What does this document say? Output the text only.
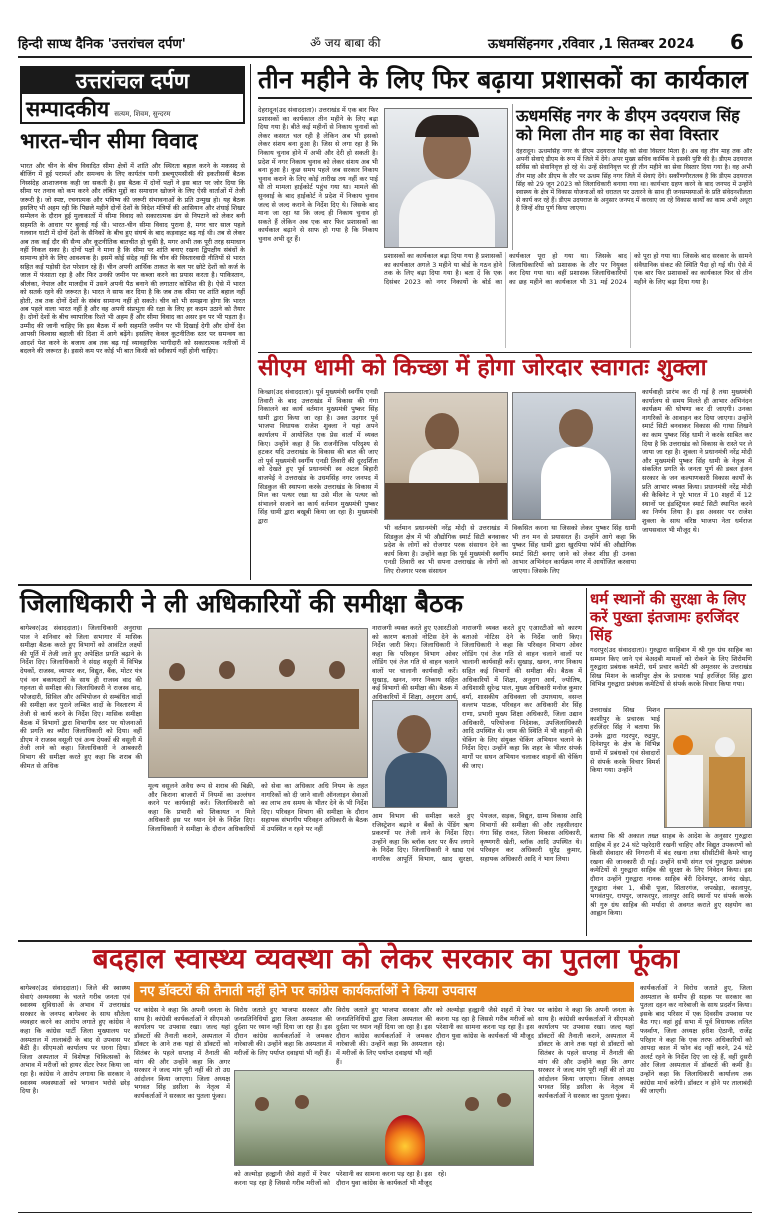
हिन्दी साप्ध दैनिक 'उत्तरांचल दर्पण'	ॐ जय बाबा की	ऊधमसिंहनगर ,रविवार ,1 सितम्बर 2024 6
उत्तरांचल दर्पण
सम्पादकीय सत्यम, शिवम, सुन्दरम
भारत-चीन सीमा विवाद
भारत और चीन के बीच विवादित सीमा क्षेत्रों में शांति और स्थिरता बहाल करने के मकसद से बीजिंग में हुई परामर्श और समन्वय के लिए कार्यतंत्र यानी डब्ल्यूएमसीसी की इकतीसवीं बैठक निस्संदेह आशाजनक कही जा सकती है। इस बैठक में दोनों पक्षों ने इस बात पर जोर दिया कि सीमा पर तनाव को कम करने और लंबित मुद्दों का समाधान खोजने के लिए ऐसी वार्ताओं में तेजी जरूरी है। जो स्पष्ट, रचनात्मक और भविष्य की जरूरी संभावनाओं के प्रति उन्मुख हो। यह बैठक इसलिए भी अहम रही कि पिछले महीने दोनों देशों के विदेश मंत्रियों की आसियान और शंघाई शिखर सम्मेलन के दौरान हुई मुलाकातों में सीमा विवाद को सकारात्मक ढंग से निपटाने को लेकर बनी सहमति के आधार पर बुलाई गई थी। भारत-चीन सीमा विवाद पुराना है, मगर चार साल पहले गलवान घाटी में दोनों देशों के सैनिकों के बीच हुए संघर्ष के बाद कड़वाहट बढ़ गई थी। तब से लेकर अब तक कई दौर की सैन्य और कूटनीतिक बातचीत हो चुकी है, मगर अभी तक पूरी तरह समाधान नहीं निकल सका है। दोनों पक्षों ने माना है कि सीमा पर शांति बनाए रखना द्विपक्षीय संबंधों के सामान्य होने के लिए आवश्यक है। इसमें कोई संदेह नहीं कि चीन की विस्तारवादी नीतियों से भारत सहित कई पड़ोसी देश परेशान रहे हैं। चीन अपनी आर्थिक ताकत के बल पर छोटे देशों को कर्ज के जाल में फंसाता रहा है और फिर उनकी जमीन पर कब्जा करने का प्रयास करता है। पाकिस्तान, श्रीलंका, नेपाल और मालदीव में उसने अपनी पैठ बनाने की लगातार कोशिश की है। ऐसे में भारत को सतर्क रहने की जरूरत है। भारत ने साफ कर दिया है कि जब तक सीमा पर शांति बहाल नहीं होती, तब तक दोनों देशों के संबंध सामान्य नहीं हो सकते। चीन को भी समझना होगा कि भारत अब पहले वाला भारत नहीं है और वह अपनी संप्रभुता की रक्षा के लिए हर कदम उठाने को तैयार है। दोनों देशों के बीच व्यापारिक रिश्ते भी अहम हैं और सीमा विवाद का असर इन पर भी पड़ता है। उम्मीद की जानी चाहिए कि इस बैठक में बनी सहमति जमीन पर भी दिखाई देगी और दोनों देश आपसी विश्वास बहाली की दिशा में आगे बढ़ेंगे। इसलिए केवल कूटनीतिक स्तर पर समन्वय का आदर्श पेश करने के बजाय अब तक बढ़ गई व्यावहारिक भागीदारी को सकारात्मक नतीजों में बदलने की जरूरत है। इससे कम पर कोई भी बात किसी को स्वीकार्य नहीं होनी चाहिए।
तीन महीने के लिए फिर बढ़ाया प्रशासकों का कार्यकाल
देहरादून(उद संवाददाता)। उत्तराखंड में एक बार फिर प्रशासकों का कार्यकाल तीन महीने के लिए बढ़ा दिया गया है। बीते कई महीनों से निकाय चुनावों को लेकर कसरत चल रही है लेकिन अब भी इसको लेकर संशय बना हुआ है। जिस से लगा रहा है कि निकाय चुनाव होने में अभी और देरी हो सकती है। प्रदेश में नगर निकाय चुनाव को लेकर संशय अब भी बना हुआ है। कुछ समय पहले जब सरकार निकाय चुनाव कराने के लिए कोई तारीख तय नहीं कर पाई थी तो मामला हाईकोर्ट पहुंच गया था। मामले की सुनवाई के बाद हाईकोर्ट ने प्रदेश में निकाय चुनाव जल्द से जल्द कराने के निर्देश दिए थे। जिसके बाद माना जा रहा था कि जल्द ही निकाय चुनाव हो सकते हैं लेकिन अब एक बार फिर प्रशासकों का कार्यकाल बढ़ाने से साफ हो गया है कि निकाय चुनाव अभी दूर हैं।
प्रशासकों का कार्यकाल बढ़ा दिया गया है प्रशासकों का कार्यकाल अगले 3 महीने या बोर्ड के गठन होने तक के लिए बढ़ा दिया गया है। बता दें कि एक दिसंबर 2023 को नगर निकायों के बोर्ड का कार्यकाल पूरा हो गया था। जिसके बाद जिलाधिकारियों को प्रशासक के तौर पर नियुक्त कर दिया गया था। वहीं प्रशासक जिलाधिकारियों का छह महीने का कार्यकाल भी 31 मई 2024 को पूरा हो गया था। जिसके बाद सरकार के सामने संवैधानिक संकट की स्थिति पैदा हो गई थी। ऐसे में एक बार फिर प्रशासकों का कार्यकाल फिर से तीन महीने के लिए बढ़ा दिया गया है।
ऊधमसिंह नगर के डीएम उदयराज सिंह को मिला तीन माह का सेवा विस्तार
देहरादून। ऊधमसिंह नगर के डीएम उदयराज सिंह को सेवा विस्तार मिला है। अब वह तीन माह तक और अपनी सेवाएं डीएम के रूप में जिले में देंगे। अपर मुख्य सचिव कार्मिक ने इसकी पुष्टि की है। डीएम उदयराज सर्विस को सेवानिवृत्त हो रहे थे। उन्हें सेवानिवृत्त पर ही तीन महीने का सेवा विस्तार दिया गया है। वह अभी तीन माह और डीएम के तौर पर ऊधम सिंह नगर जिले में सेवाएं देंगे। सकौंणगौरतलब है कि डीएम उदयराज सिंह को 29 जून 2023 को जिलाधिकारी बनाया गया था। कार्यभार ग्रहण करने के बाद जनपद में उन्होंने स्वास्थ्य के क्षेत्र में विकास योजनाओं को धरातल पर उतारने के साथ ही जनसमस्याओं के प्रति संवेदनशीलता से कार्य कर रहे हैं। डीएम उदयराज के अनुसार जनपद में करवाए जा रहे विकास कार्यों का काम अभी अधूरा है जिन्हें शीघ्र पूर्ण किया जाएगा।
सीएम धामी को किच्छा में होगा जोरदार स्वागतः शुक्ला
किच्छा(उद संवाददाता)। पूर्व मुख्यमंत्री स्वर्गीय एनडी तिवारी के बाद उत्तराखंड में विकास की गंगा निकालने का कार्य वर्तमान मुख्यमंत्री पुष्कर सिंह धामी द्वारा किया जा रहा है। उक्त उदगार पूर्व भाजपा विधायक राजेश शुक्ला ने यहां अपने कार्यालय में आयोजित एक प्रेस वार्ता में व्यक्त किए। उन्होंने कहा है कि राजनीतिक परिदृश्य से हटकर यदि उत्तराखंड के विकास की बात की जाए तो पूर्व मुख्यमंत्री स्वर्गीय एनडी तिवारी की दूरदर्शिता को देखते हुए पूर्व प्रधानमंत्री स्व अटल बिहारी वाजपेई ने उत्तराखंड के उधमसिंह नगर जनपद में सिडकुल की स्थापना करके उत्तराखंड के विकास में मिल का पत्थर रखा था उसे मील के पत्थर को संभालने सजाने का कार्य वर्तमान मुख्यमंत्री पुष्कर सिंह धामी द्वारा बखूबी किया जा रहा है। मुख्यमंत्री द्वारा
भी वर्तमान प्रधानमंत्री नरेंद्र मोदी से उत्तराखंड में सिडकुल क्षेत्र में भी औद्योगिक स्मार्ट सिटी बनवाकर प्रदेश के लोगों को रोजगार परक संसाधन देने का कार्य किया है। उन्होंने कहा कि पूर्व मुख्यमंत्री स्वर्गीय एनडी तिवारी का भी सपना उत्तराखंड के लोगों को लिए रोजगार परक संसाधन
विकसित करना था जिसको लेकर पुष्कर सिंह धामी भी तन मन से प्रयासरत हैं। उन्होंने आगे कहा कि पुष्कर सिंह धामी द्वारा खुरपिया फॉर्म की औद्योगिक स्मार्ट सिटी बनाए जाने को लेकर शीघ्र ही उनका आभार अभिनंदन कार्यक्रम नगर में आयोजित करवाया जाएगा। जिसके लिए
कार्यवाही प्रारंभ कर दी गई है तथा मुख्यमंत्री कार्यालय से समय मिलते ही आभार अभिनंदन कार्यक्रम की घोषणा कर दी जाएगी। उनका नागरिकों के आवाहन कर दिया जाएगा। उन्होंने स्मार्ट सिटी बनवाकर विकास की गाथा लिखने का काम पुष्कर सिंह धामी ने करके साबित कर दिया है कि उत्तराखंड को विकास के रास्ते पर ले जाया जा रहा है। शुक्ला ने प्रधानमंत्री नरेंद्र मोदी और मुख्यमंत्री पुष्कर सिंह धामी के नेतृत्व में संकलित प्रगति के जनता पूर्ण की डबल इंजन सरकार के जन कल्याणकारी विकास कार्यों के प्रति आभार व्यक्त किया। प्रधानमंत्री नरेंद्र मोदी की कैबिनेट ने पूरे भारत में 10 शहरों में 12 स्थानों पर इंडस्ट्रियल स्मार्ट सिटी स्थापित करने का निर्णय लिया है। इस अवसर पर राजेश शुक्ला के साथ वरिष्ठ भाजपा नेता धर्मराज जायसवाल भी मौजूद थे।
जिलाधिकारी ने ली अधिकारियों की समीक्षा बैठक
बागेश्वर(उद संवाददाता)। जिलाधिकारी अनुराधा पाल ने शनिवार को जिला सभागार में मासिक समीक्षा बैठक करते हुए विभागों को आवंटित लक्ष्यों की पूर्ति में तेजी लाते हुए अपेक्षित प्रगति बढ़ाने के निर्देश दिए। जिलाधिकारी ने संग्रह वसूली में विभिन्न देयकों, राजस्व, व्यापार कर, विद्युत, बैंक, मोटर यंत्र एवं वन बकायदारों के साथ ही राजस्व वाद की गहनता से समीक्षा की। जिलाधिकारी ने राजस्व वाद, फौजदारी, सिविल और अभियोजन से सम्बंधित वादों की समीक्षा कर पुराने लम्बित वादों के निस्तारण में तेजी से कार्य करने के निर्देश दिए। मासिक समीक्षा बैठक में विभागों द्वारा विभागीय स्तर पर योजनाओं की प्रगति का ब्यौरा जिलाधिकारी को दिया। वहीं डीएम ने राजस्व वसूली एवं अन्य देयकों की वसूली में तेजी लाने को कहा। जिलाधिकारी ने आबकारी विभाग की समीक्षा करते हुए कहा कि शराब की कीमत से अधिक
मूल्य वसूलने अवैध रूप से शराब की बिक्री, और किराना बाजारों में नियमों का उल्लंघन करने पर कार्यवाही करें। जिलाधिकारी को कहा कि प्रभारी को शिकायत न मिले अधिकारी इस पर ध्यान देने के निर्देश दिए। जिलाधिकारी ने समीक्षा के दौरान अधिकारियों को सेवा का अधिकार अधि नियम के तहत नागरिकों को दी जाने वाली ऑनलाइन सेवाओं का लाभ तय समय के भीतर देने के भी निर्देश दिए। परिवहन विभाग की समीक्षा के दौरान सहायक संभागीय परिवहन अधिकारी के बैठक में उपस्थित न रहने पर नहीं
नाराजगी व्यक्त करते हुए एआरटीओ को कारण बताओ नोटिस देने के निर्देश जारी किए। जिलाधिकारी ने कहा कि परिवहन विभाग ओवर लोडिंग एवं तेज गति से वाहन चलाने वालों पर चालानी कार्यवाही करें। सुखाड़, खनन, नगर निकाय सहित कई विभागों की समीक्षा की। बैठक में अधिकारियों में शिक्षा, अनुराग आर्य,
आम विभाग की समीक्षा करते हुए रजिस्ट्रेशन बढ़ाने व बैंकों के पेंडिंग ऋण प्रकरणों पर तेजी लाने के निर्देश दिए। उन्होंने कहा कि ब्लॉक स्तर पर कैंप लगाने के निर्देश दिए। जिलाधिकारी ने खाद्य एवं नागरिक आपूर्ति विभाग, खाद सुरक्षा, पेयजल, सड़क, विद्युत, ग्राम्य विकास आदि विभागों की समीक्षा की और तहसीलदार गंगा सिंह रावत, जिला विकास अधिकारी, कृष्णगरी खेती, ब्लॉक आदि उपस्थित थे। परिवहन कर अधिकारी सुरेंद्र कुमार, सहायक अधिकारी आदि ने भाग लिया।
नाराजगी व्यक्त करते हुए एआरटीओ को कारण बताओ नोटिस देने के निर्देश जारी किए। जिलाधिकारी ने कहा कि परिवहन विभाग ओवर लोडिंग एवं तेज गति से वाहन चलाने वालों पर चालानी कार्यवाही करें। सुखाड़, खनन, नगर निकाय सहित कई विभागों की समीक्षा की। बैठक में अधिकारियों में शिक्षा, अनुराग आर्य, ज्योतिष, अधिशासी सुरेन्द्र पाल, मुख्य अधिकारी मनोज कुमार वर्मा, शासकीय अधिवक्ता जी उपाध्याय, वसन्त वल्लभ पाठक, परिवहन कर अधिकारी शेर सिंह राणा, प्रभारी मुख्य शिक्षा अधिकारी, जिला उद्यान अधिकारी, परियोजना निदेशक, उपजिलाधिकारी आदि उपस्थित थे। जाम की स्थिति में भी वाहनों की चेकिंग के लिए संयुक्त चेकिंग अभियान चलाने के निर्देश दिए। उन्होंने कहा कि शहर के भीतर संपर्क मार्गों पर सघन अभियान चलाकर वाहनों की चेकिंग की जाए।
धर्म स्थानों की सुरक्षा के लिए करें पुख्ता इंतजामः हरजिंदर सिंह
गदरपुर(उद संवाददाता)। गुरुद्वारा साहिबान में श्री गुरु ग्रंथ साहिब का सम्मान किए जाने एवं बेअदबी मामलों को रोकने के लिए शिरोमणि गुरुद्वारा प्रबंधक कमेटी, धर्म प्रचार कमेटी श्री अमृतसर के उत्तराखंड सिख मिशन के काशीपुर क्षेत्र के प्रचारक भाई हरजिंदर सिंह द्वारा विभिन्न गुरुद्वारा प्रबंधक कमेटियों से संपर्क करके विचार किया गया।
उत्तराखंड सिख मिशन काशीपुर के प्रचारक भाई हरजिंदर सिंह ने बताया कि उनके द्वारा गदरपुर, रुद्रपुर, दिनेशपुर के क्षेत्र के विभिन्न ग्रामों में प्रबंधकों एवं सेवादारों से संपर्क करके विचार विमर्श किया गया। उन्होंने
बताया कि श्री अकाल तख्त साहब के आदेश के अनुसार गुरुद्वारा साहिब में हर 24 घंटे पहरेदारी रखनी चाहिए और विद्युत उपकरणों को किसी सेवादार की निगरानी में बंद रखना तथा सीसीटीवी कैमरे चालू रखना की जानकारी दी गई। उन्होंने सभी संगत एवं गुरुद्वारा प्रबंधक कमेटियों से गुरुद्वारा साहिब की सुरक्षा के लिए निवेदन किया। इस दौरान उन्होंने गुरुद्वारा नानक साहिब बेरी दिनेशपुर, आनंद खेड़ा, गुरुद्वारा नंबर 1, बीबी पूजा, सितारगंज, जपखेड़ा, कालापुर, भगवंतपुर, रायपुर, जाफरपुर, लालपुर आदि स्थानों पर संपर्क करके श्री गुरु ग्रंथ साहिब की मर्यादा से अवगत कराते हुए सहयोग का आह्वान किया।
बदहाल स्वास्थ्य व्यवस्था को लेकर सरकार का पुतला फूंका
बागेश्वर(उद संवाददाता)। जिले की स्वास्थ्य सेवाएं अव्यवस्था के चलते गरीब जनता एवं स्वास्थ्य सुविधाओं के अभाव में उत्तराखंड सरकार के जनपद बागेश्वर के साथ सौतेला व्यवहार करने का आरोप लगाते हुए कांग्रेस ने कहा कि कांग्रेस पार्टी जिला मुख्यालय पर अस्पताल में तालाबंदी के बाद से उपवास पर बैठी है। सीएमओ कार्यालय पर धरना दिया। जिला अस्पताल में विशेषज्ञ चिकित्सकों के अभाव में मरीजों को हायर सेंटर रेफर किया जा रहा है। कांग्रेस ने आरोप लगाया कि सरकार ने स्वास्थ्य व्यवस्थाओं को भगवान भरोसे छोड़ दिया है।
नए डॉक्टरों की तैनाती नहीं होने पर कांग्रेस कार्यकर्ताओं ने किया उपवास
पर कांग्रेस ने कहा कि अपनी जनता के साथ है। कांग्रेसी कार्यकर्ताओं ने सीएमओ कार्यालय पर उपवास रखा। जल्द यहां डॉक्टरों की तैनाती कराने, अस्पताल में डॉक्टर के आने तक यहां से डॉक्टरों को सितंबर के पहले सप्ताह में तैनाती की मांग की और उन्होंने कहा कि अगर सरकार ने जल्द मांग पूरी नहीं की तो उग्र आंदोलन किया जाएगा। जिला अध्यक्ष भगवत सिंह डसीला के नेतृत्व में कार्यकर्ताओं ने सरकार का पुतला फूंका।
विरोध जताते हुए भाजपा सरकार और जनप्रतिनिधियों द्वारा जिला अस्पताल की दुर्दशा पर ध्यान नहीं दिया जा रहा है। इस दौरान कांग्रेस कार्यकर्ताओं ने जमकर नारेबाजी की। उन्होंने कहा कि अस्पताल में मरीजों के लिए पर्याप्त दवाइयां भी नहीं हैं।
को अल्मोड़ा हल्द्वानी जैसे शहरों में रेफर करना पड़ रहा है जिससे गरीब मरीजों को परेशानी का सामना करना पड़ रहा है। इस दौरान युवा कांग्रेस के कार्यकर्ता भी मौजूद रहे।
विरोध जताते हुए भाजपा सरकार और जनप्रतिनिधियों द्वारा जिला अस्पताल की दुर्दशा पर ध्यान नहीं दिया जा रहा है। इस दौरान कांग्रेस कार्यकर्ताओं ने जमकर नारेबाजी की। उन्होंने कहा कि अस्पताल में मरीजों के लिए पर्याप्त दवाइयां भी नहीं हैं।
को अल्मोड़ा हल्द्वानी जैसे शहरों में रेफर करना पड़ रहा है जिससे गरीब मरीजों को परेशानी का सामना करना पड़ रहा है। इस दौरान युवा कांग्रेस के कार्यकर्ता भी मौजूद रहे।
पर कांग्रेस ने कहा कि अपनी जनता के साथ है। कांग्रेसी कार्यकर्ताओं ने सीएमओ कार्यालय पर उपवास रखा। जल्द यहां डॉक्टरों की तैनाती कराने, अस्पताल में डॉक्टर के आने तक यहां से डॉक्टरों को सितंबर के पहले सप्ताह में तैनाती की मांग की और उन्होंने कहा कि अगर सरकार ने जल्द मांग पूरी नहीं की तो उग्र आंदोलन किया जाएगा। जिला अध्यक्ष भगवत सिंह डसीला के नेतृत्व में कार्यकर्ताओं ने सरकार का पुतला फूंका।
कार्यकर्ताओं ने विरोध जताते हुए, जिला अस्पताल के समीप ही सड़क पर सरकार का पुतला दहन कर नारेबाजी के साथ प्रदर्शन किया। इसके बाद परिसर में एक दिवसीय उपवास पर बैठ गए। वहां हुई सभा में पूर्व विधायक ललित फर्स्वाण, जिला अध्यक्ष हरीश ऐठानी, राजेंद्र परिहार ने कहा कि एक तरफ अधिकारियों को आपदा काल में फोन बंद नहीं करने, 24 घंटे अलर्ट रहने के निर्देश दिए जा रहे हैं, वहीं दूसरी ओर जिला अस्पताल में डॉक्टरों की कमी है। उन्होंने कहा कि जिलाधिकारी कार्यालय तक कांग्रेस मार्च करेगी। डॉक्टर न होने पर तालाबंदी की जाएगी।
